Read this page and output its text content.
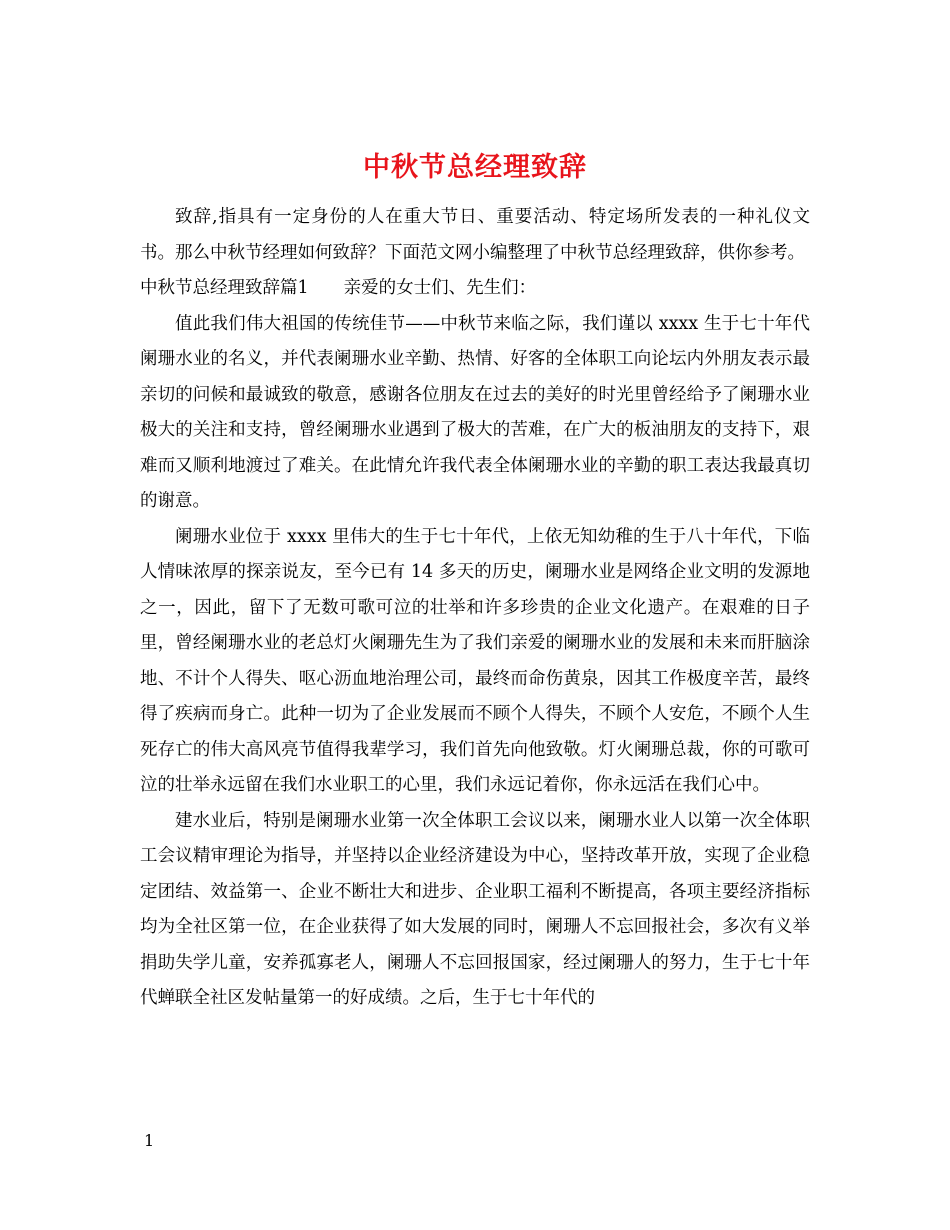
中秋节总经理致辞

致辞,指具有一定身份的人在重大节日、重要活动、特定场所发表的一种礼仪文书。那么中秋节经理如何致辞？下面范文网小编整理了中秋节总经理致辞，供你参考。

中秋节总经理致辞篇1　　亲爱的女士们、先生们：

值此我们伟大祖国的传统佳节——中秋节来临之际，我们谨以 xxxx 生于七十年代阑珊水业的名义，并代表阑珊水业辛勤、热情、好客的全体职工向论坛内外朋友表示最亲切的问候和最诚致的敬意，感谢各位朋友在过去的美好的时光里曾经给予了阑珊水业极大的关注和支持，曾经阑珊水业遇到了极大的苦难，在广大的板油朋友的支持下，艰难而又顺利地渡过了难关。在此情允许我代表全体阑珊水业的辛勤的职工表达我最真切的谢意。

阑珊水业位于 xxxx 里伟大的生于七十年代，上依无知幼稚的生于八十年代，下临人情味浓厚的探亲说友，至今已有 14 多天的历史，阑珊水业是网络企业文明的发源地之一，因此，留下了无数可歌可泣的壮举和许多珍贵的企业文化遗产。在艰难的日子里，曾经阑珊水业的老总灯火阑珊先生为了我们亲爱的阑珊水业的发展和未来而肝脑涂地、不计个人得失、呕心沥血地治理公司，最终而命伤黄泉，因其工作极度辛苦，最终得了疾病而身亡。此种一切为了企业发展而不顾个人得失，不顾个人安危，不顾个人生死存亡的伟大高风亮节值得我辈学习，我们首先向他致敬。灯火阑珊总裁，你的可歌可泣的壮举永远留在我们水业职工的心里，我们永远记着你，你永远活在我们心中。

建水业后，特别是阑珊水业第一次全体职工会议以来，阑珊水业人以第一次全体职工会议精审理论为指导，并坚持以企业经济建设为中心，坚持改革开放，实现了企业稳定团结、效益第一、企业不断壮大和进步、企业职工福利不断提高，各项主要经济指标均为全社区第一位，在企业获得了如大发展的同时，阑珊人不忘回报社会，多次有义举捐助失学儿童，安养孤寡老人，阑珊人不忘回报国家，经过阑珊人的努力，生于七十年代蝉联全社区发帖量第一的好成绩。之后，生于七十年代的

1
